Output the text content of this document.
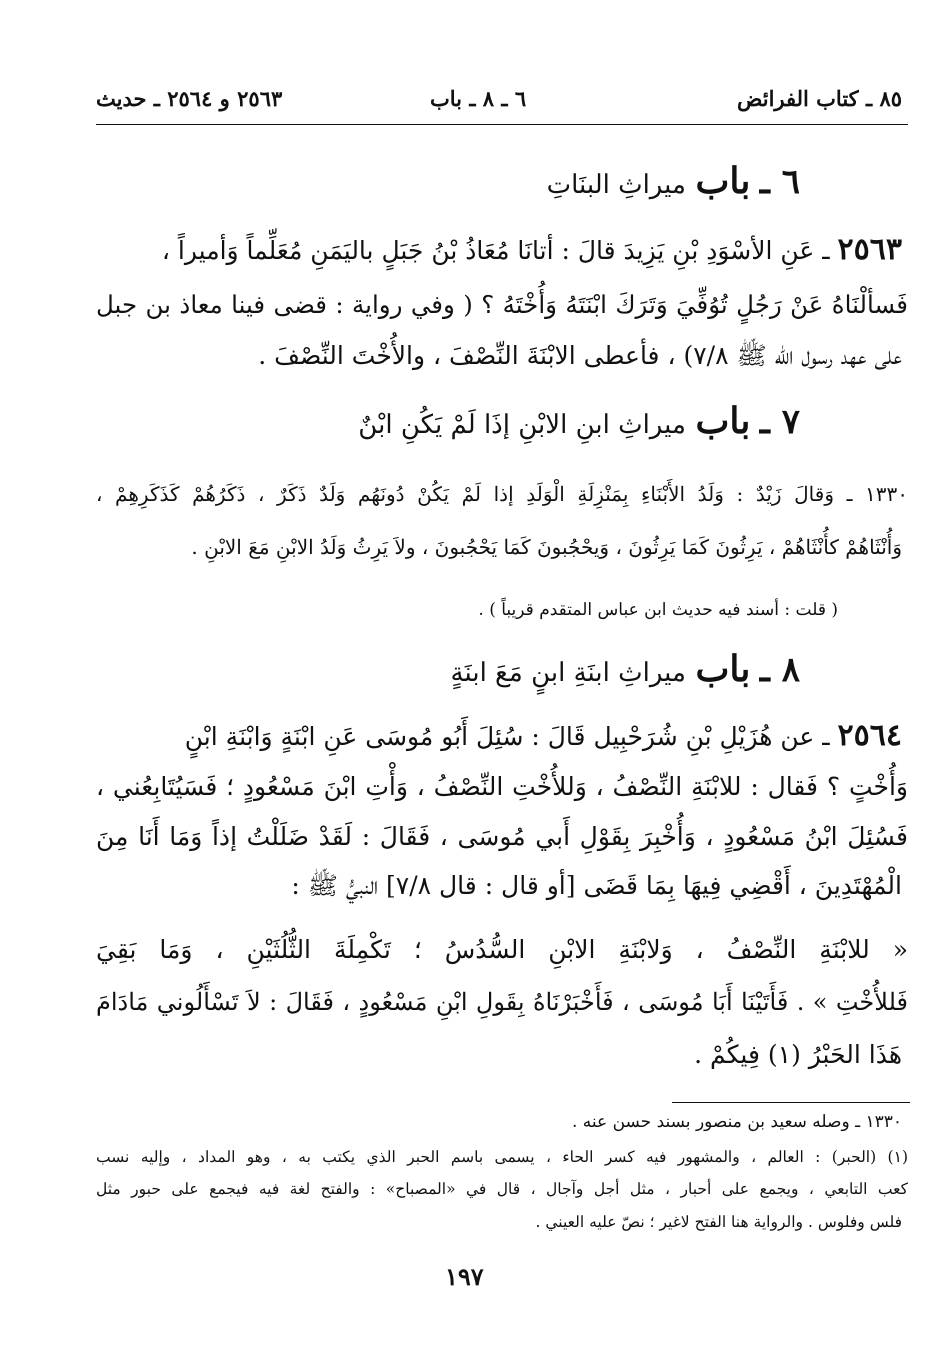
٨٥ ـ كتاب الفرائض
٦ ـ ٨ ـ باب
٢٥٦٣ و ٢٥٦٤ ـ حديث
٦ ـ باب ميراثِ البنَاتِ
٢٥٦٣ ـ عَنِ الأسْوَدِ بْنِ يَزِيدَ قالَ : أتانَا مُعَاذُ بْنُ جَبَلٍ باليَمَنِ مُعَلِّماً وَأميراً ،
فَسألْنَاهُ عَنْ رَجُلٍ تُوُفِّيَ وَتَرَكَ ابْنَتَهُ وَأُخْتَهُ ؟ ( وفي رواية : قضى فينا معاذ بن جبل
على عهد رسول الله ﷺ ٧/٨) ، فأعطى الابْنَةَ النِّصْفَ ، والأُخْتَ النِّصْفَ .
٧ ـ باب ميراثِ ابنِ الابْنِ إذَا لَمْ يَكُنِ ابْنٌ
١٣٣٠ ـ وَقالَ زَيْدٌ : وَلَدُ الأَبْنَاءِ بِمَنْزِلَةِ الْوَلَدِ إذا لَمْ يَكُنْ دُونَهُم وَلَدٌ ذَكَرٌ ، ذَكَرُهُمْ كَذَكَرِهِمْ ،
وَأُنْثَاهُمْ كأُنْثَاهُمْ ، يَرِثُونَ كَمَا يَرِثُونَ ، وَيحْجُبونَ كَمَا يَحْجُبونَ ، ولاَ يَرِثُ وَلَدُ الابْنِ مَعَ الابْنِ .
( قلت : أسند فيه حديث ابن عباس المتقدم قريباً ) .
٨ ـ باب ميراثِ ابنَةِ ابنٍ مَعَ ابنَةٍ
٢٥٦٤ ـ عن هُزَيْلِ بْنِ شُرَحْبِيل قَالَ : سُئِلَ أَبُو مُوسَى عَنِ ابْنَةٍ وَابْنَةِ ابْنٍ
وَأُخْتٍ ؟ فَقال : للابْنَةِ النِّصْفُ ، وَللأُخْتِ النِّصْفُ ، وَأْتِ ابْنَ مَسْعُودٍ ؛ فَسَيُتَابِعُني ،
فَسُئِلَ ابْنُ مَسْعُودٍ ، وَأُخْبِرَ بِقَوْلِ أَبي مُوسَى ، فَقَالَ : لَقَدْ ضَلَلْتُ إذاً وَمَا أَنَا مِنَ
الْمُهْتَدِينَ ، أَقْضِي فِيهَا بِمَا قَضَى [أو قال : قال ٧/٨] النبيُّ ﷺ :
« للابْنَةِ النِّصْفُ ، وَلابْنَةِ الابْنِ السُّدُسُ ؛ تَكْمِلَةَ الثُّلُثَيْنِ ، وَمَا بَقِيَ
فَللأُخْتِ » . فَأَتَيْنَا أَبَا مُوسَى ، فَأَخْبَرْنَاهُ بِقَولِ ابْنِ مَسْعُودٍ ، فَقَالَ : لاَ تَسْأَلُوني مَادَامَ
هَذَا الحَبْرُ (١) فِيكُمْ .
١٣٣٠ ـ وصله سعيد بن منصور بسند حسن عنه .
(١) (الحبر) : العالم ، والمشهور فيه كسر الحاء ، يسمى باسم الحبر الذي يكتب به ، وهو المداد ، وإليه نسب
كعب التابعي ، ويجمع على أحبار ، مثل أجل وآجال ، قال في «المصباح» : والفتح لغة فيه فيجمع على حبور مثل
فلس وفلوس . والرواية هنا الفتح لاغير ؛ نصّ عليه العيني .
١٩٧
